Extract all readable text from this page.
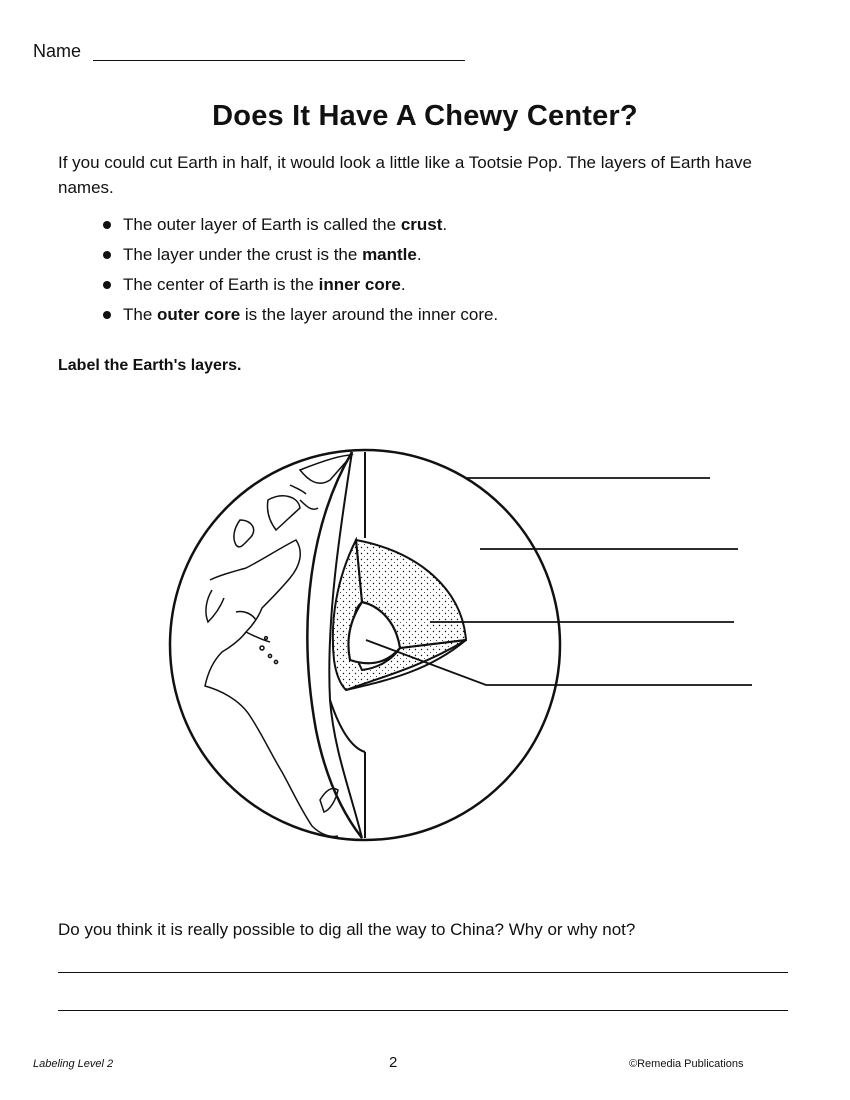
Name
Does It Have A Chewy Center?
If you could cut Earth in half, it would look a little like a Tootsie Pop. The layers of Earth have names.
The outer layer of Earth is called the crust.
The layer under the crust is the mantle.
The center of Earth is the inner core.
The outer core is the layer around the inner core.
Label the Earth's layers.
Do you think it is really possible to dig all the way to China? Why or why not?
Labeling Level 2	2	©Remedia Publications
